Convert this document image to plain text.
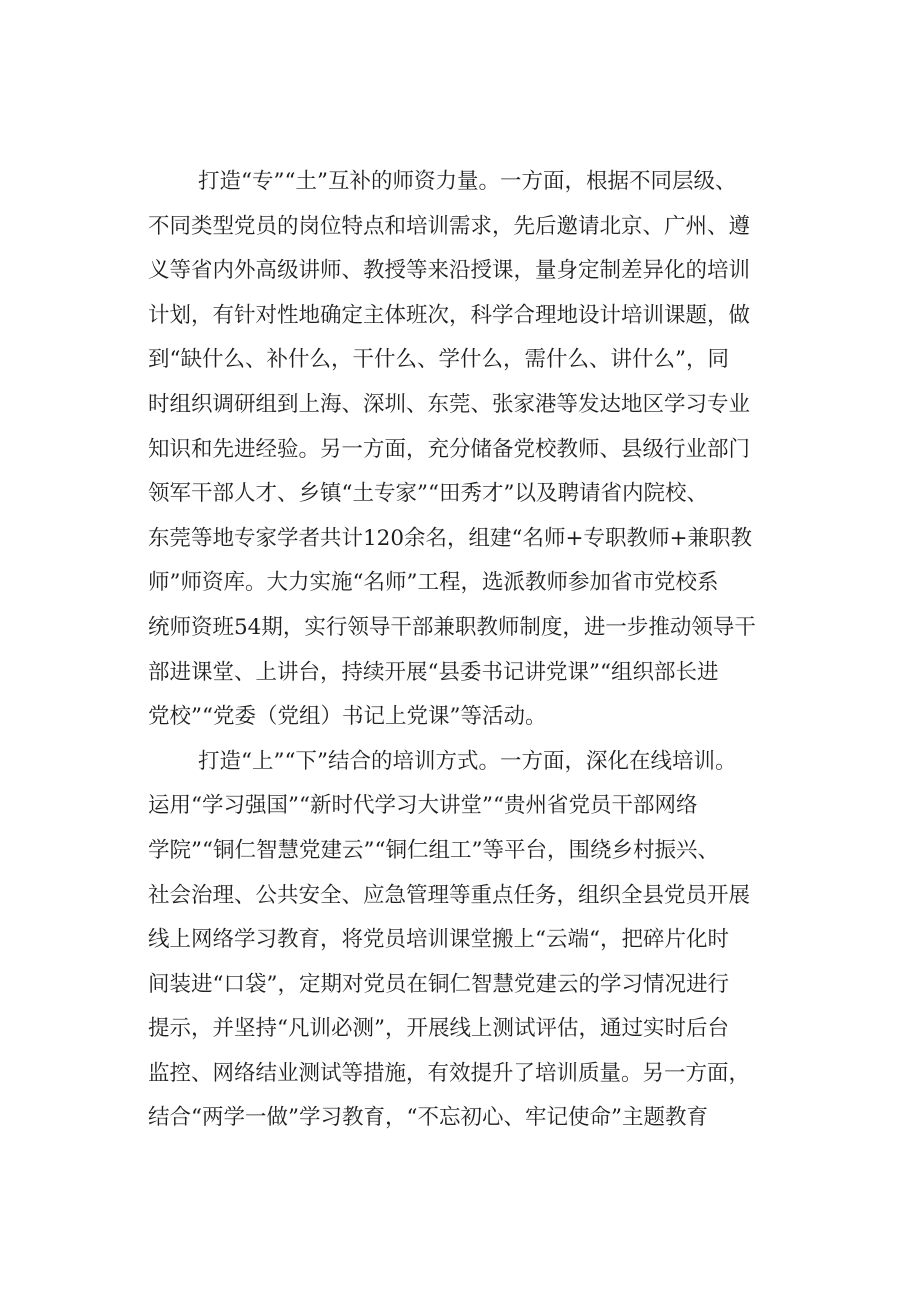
打造“专”“土”互补的师资力量。一方面，根据不同层级、
不同类型党员的岗位特点和培训需求，先后邀请北京、广州、遵
义等省内外高级讲师、教授等来沿授课，量身定制差异化的培训
计划，有针对性地确定主体班次，科学合理地设计培训课题，做
到“缺什么、补什么，干什么、学什么，需什么、讲什么”，同
时组织调研组到上海、深圳、东莞、张家港等发达地区学习专业
知识和先进经验。另一方面，充分储备党校教师、县级行业部门
领军干部人才、乡镇“土专家”“田秀才”以及聘请省内院校、
东莞等地专家学者共计120余名，组建“名师+专职教师+兼职教
师”师资库。大力实施“名师”工程，选派教师参加省市党校系
统师资班54期，实行领导干部兼职教师制度，进一步推动领导干
部进课堂、上讲台，持续开展“县委书记讲党课”“组织部长进
党校”“党委（党组）书记上党课”等活动。
打造“上”“下”结合的培训方式。一方面，深化在线培训。
运用“学习强国”“新时代学习大讲堂”“贵州省党员干部网络
学院”“铜仁智慧党建云”“铜仁组工”等平台，围绕乡村振兴、
社会治理、公共安全、应急管理等重点任务，组织全县党员开展
线上网络学习教育，将党员培训课堂搬上“云端“，把碎片化时
间装进“口袋”，定期对党员在铜仁智慧党建云的学习情况进行
提示，并坚持“凡训必测”，开展线上测试评估，通过实时后台
监控、网络结业测试等措施，有效提升了培训质量。另一方面，
结合“两学一做”学习教育，“不忘初心、牢记使命”主题教育
